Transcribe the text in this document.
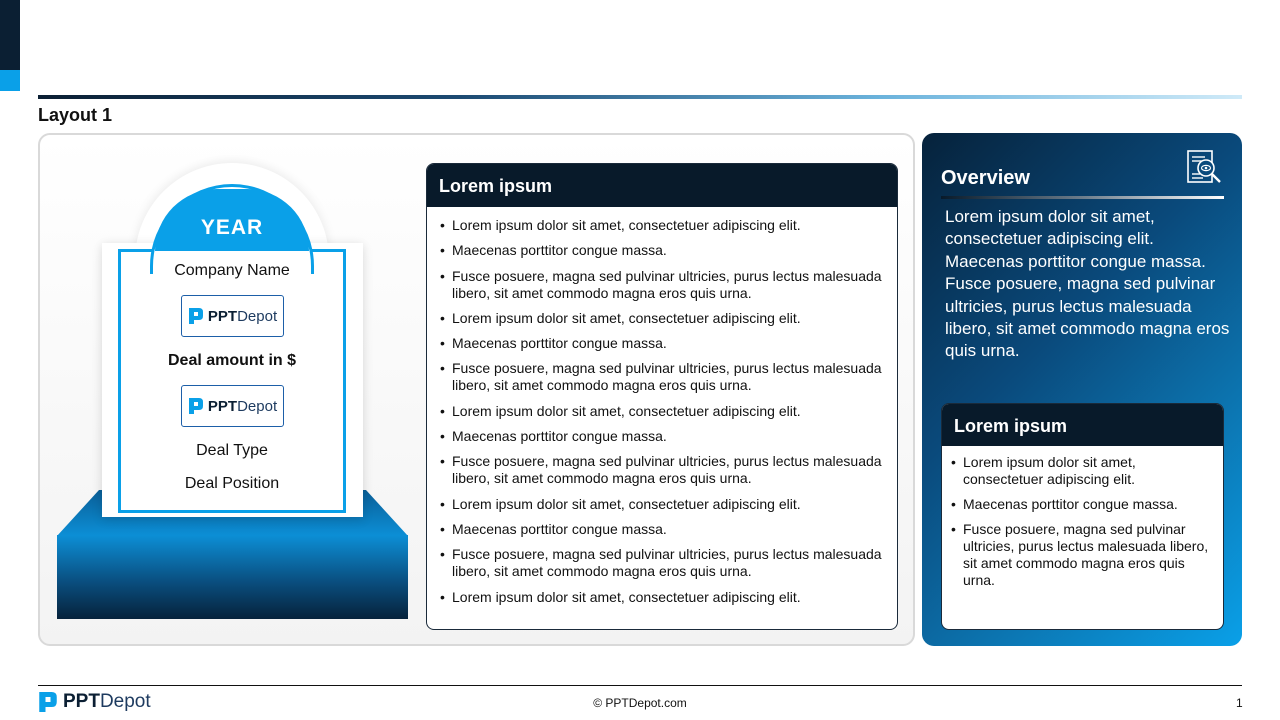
Layout 1
YEAR
Company Name
PPTDepot
Deal amount in $
PPTDepot
Deal Type
Deal Position
Lorem ipsum
• Lorem ipsum dolor sit amet, consectetuer adipiscing elit.
• Maecenas porttitor congue massa.
• Fusce posuere, magna sed pulvinar ultricies, purus lectus malesuada libero, sit amet commodo magna eros quis urna.
• Lorem ipsum dolor sit amet, consectetuer adipiscing elit.
• Maecenas porttitor congue massa.
• Fusce posuere, magna sed pulvinar ultricies, purus lectus malesuada libero, sit amet commodo magna eros quis urna.
• Lorem ipsum dolor sit amet, consectetuer adipiscing elit.
• Maecenas porttitor congue massa.
• Fusce posuere, magna sed pulvinar ultricies, purus lectus malesuada libero, sit amet commodo magna eros quis urna.
• Lorem ipsum dolor sit amet, consectetuer adipiscing elit.
• Maecenas porttitor congue massa.
• Fusce posuere, magna sed pulvinar ultricies, purus lectus malesuada libero, sit amet commodo magna eros quis urna.
• Lorem ipsum dolor sit amet, consectetuer adipiscing elit.
Overview
Lorem ipsum dolor sit amet, consectetuer adipiscing elit. Maecenas porttitor congue massa. Fusce posuere, magna sed pulvinar ultricies, purus lectus malesuada libero, sit amet commodo magna eros quis urna.
Lorem ipsum
• Lorem ipsum dolor sit amet, consectetuer adipiscing elit.
• Maecenas porttitor congue massa.
• Fusce posuere, magna sed pulvinar ultricies, purus lectus malesuada libero, sit amet commodo magna eros quis urna.
PPTDepot	© PPTDepot.com	1
